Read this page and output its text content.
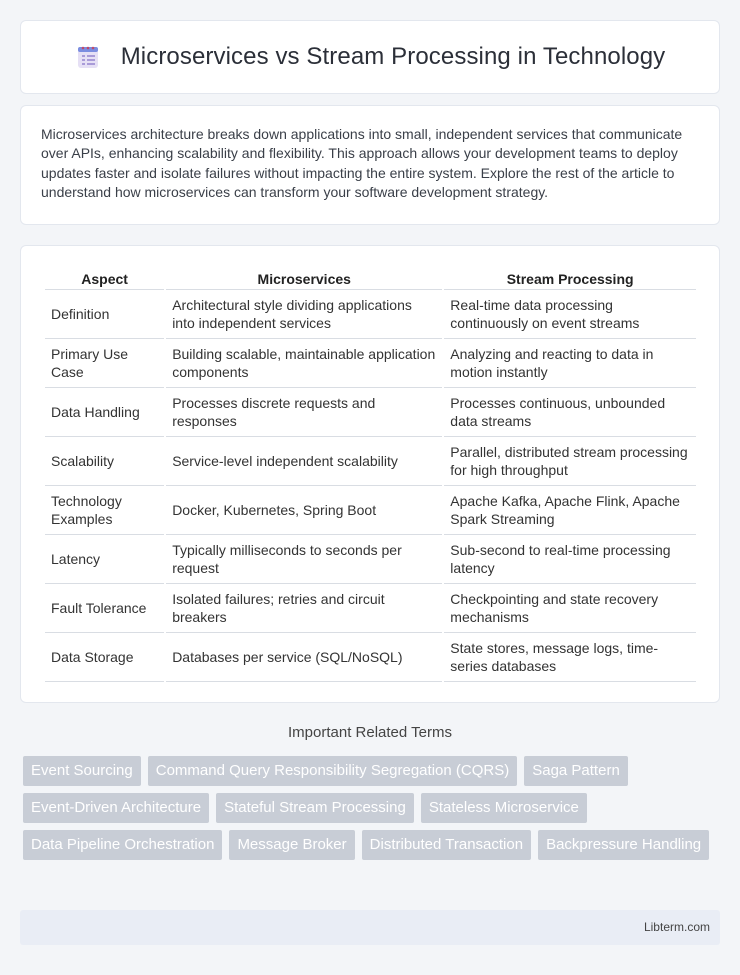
Microservices vs Stream Processing in Technology

Microservices architecture breaks down applications into small, independent services that communicate over APIs, enhancing scalability and flexibility. This approach allows your development teams to deploy updates faster and isolate failures without impacting the entire system. Explore the rest of the article to understand how microservices can transform your software development strategy.

Aspect	Microservices	Stream Processing
Definition	Architectural style dividing applications into independent services	Real-time data processing continuously on event streams
Primary Use Case	Building scalable, maintainable application components	Analyzing and reacting to data in motion instantly
Data Handling	Processes discrete requests and responses	Processes continuous, unbounded data streams
Scalability	Service-level independent scalability	Parallel, distributed stream processing for high throughput
Technology Examples	Docker, Kubernetes, Spring Boot	Apache Kafka, Apache Flink, Apache Spark Streaming
Latency	Typically milliseconds to seconds per request	Sub-second to real-time processing latency
Fault Tolerance	Isolated failures; retries and circuit breakers	Checkpointing and state recovery mechanisms
Data Storage	Databases per service (SQL/NoSQL)	State stores, message logs, time-series databases
Important Related Terms
Event Sourcing	Command Query Responsibility Segregation (CQRS)	Saga Pattern
Event-Driven Architecture	Stateful Stream Processing	Stateless Microservice
Data Pipeline Orchestration	Message Broker	Distributed Transaction	Backpressure Handling
Libterm.com
